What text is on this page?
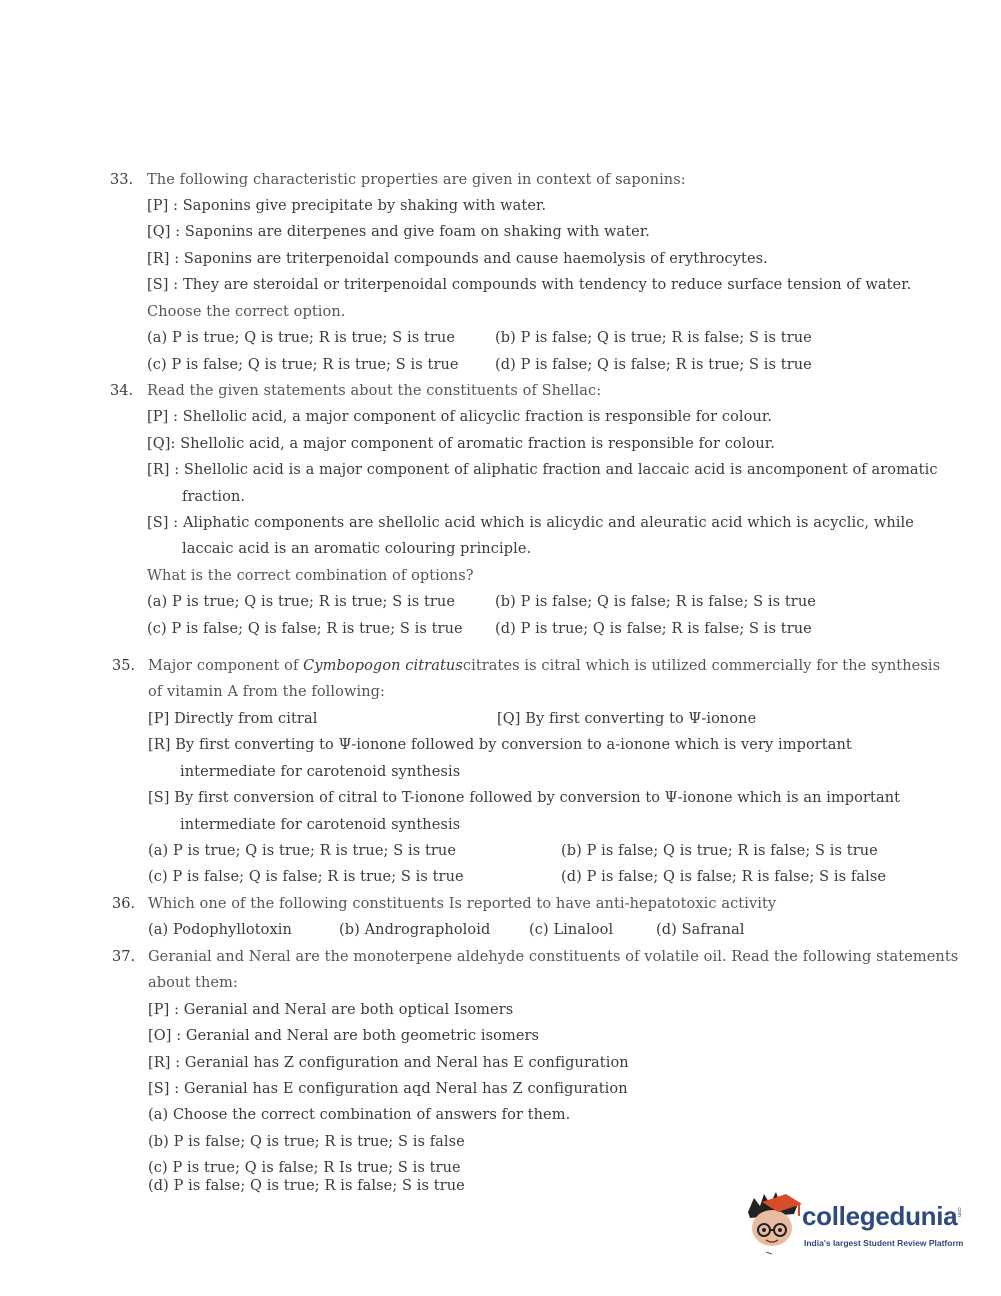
33. The following characteristic properties are given in context of saponins:
[P] : Saponins give precipitate by shaking with water.
[Q] : Saponins are diterpenes and give foam on shaking with water.
[R] : Saponins are triterpenoidal compounds and cause haemolysis of erythrocytes.
[S] : They are steroidal or triterpenoidal compounds with tendency to reduce surface tension of water.
Choose the correct option.
(a) P is true; Q is true; R is true; S is true	(b) P is false; Q is true; R is false; S is true
(c) P is false; Q is true; R is true; S is true	(d) P is false; Q is false; R is true; S is true
34. Read the given statements about the constituents of Shellac:
[P] : Shellolic acid, a major component of alicyclic fraction is responsible for colour.
[Q]: Shellolic acid, a major component of aromatic fraction is responsible for colour.
[R] : Shellolic acid is a major component of aliphatic fraction and laccaic acid is ancomponent of aromatic
fraction.
[S] : Aliphatic components are shellolic acid which is alicydic and aleuratic acid which is acyclic, while
laccaic acid is an aromatic colouring principle.
What is the correct combination of options?
(a) P is true; Q is true; R is true; S is true	(b) P is false; Q is false; R is false; S is true
(c) P is false; Q is false; R is true; S is true (d) P is true; Q is false; R is false; S is true
35. Major component of Cymbopogon citratuscitrates is citral which is utilized commercially for the synthesis
of vitamin A from the following:
[P] Directly from citral	[Q] By first converting to Ψ-ionone
[R] By first converting to Ψ-ionone followed by conversion to a-ionone which is very important
intermediate for carotenoid synthesis
[S] By first conversion of citral to T-ionone followed by conversion to Ψ-ionone which is an important
intermediate for carotenoid synthesis
(a) P is true; Q is true; R is true; S is true	(b) P is false; Q is true; R is false; S is true
(c) P is false; Q is false; R is true; S is true	(d) P is false; Q is false; R is false; S is false
36. Which one of the following constituents Is reported to have anti-hepatotoxic activity
(a) Podophyllotoxin	(b) Andrographoloid	(c) Linalool	(d) Safranal
37. Geranial and Neral are the monoterpene aldehyde constituents of volatile oil. Read the following statements
about them:
[P] : Geranial and Neral are both optical Isomers
[O] : Geranial and Neral are both geometric isomers
[R] : Geranial has Z configuration and Neral has E configuration
[S] : Geranial has E configuration aqd Neral has Z configuration
(a) Choose the correct combination of answers for them.
(b) P is false; Q is true; R is true; S is false
(c) P is true; Q is false; R Is true; S is true
(d) P is false; Q is true; R is false; S is true
collegedunia
.com
India's largest Student Review Platform
